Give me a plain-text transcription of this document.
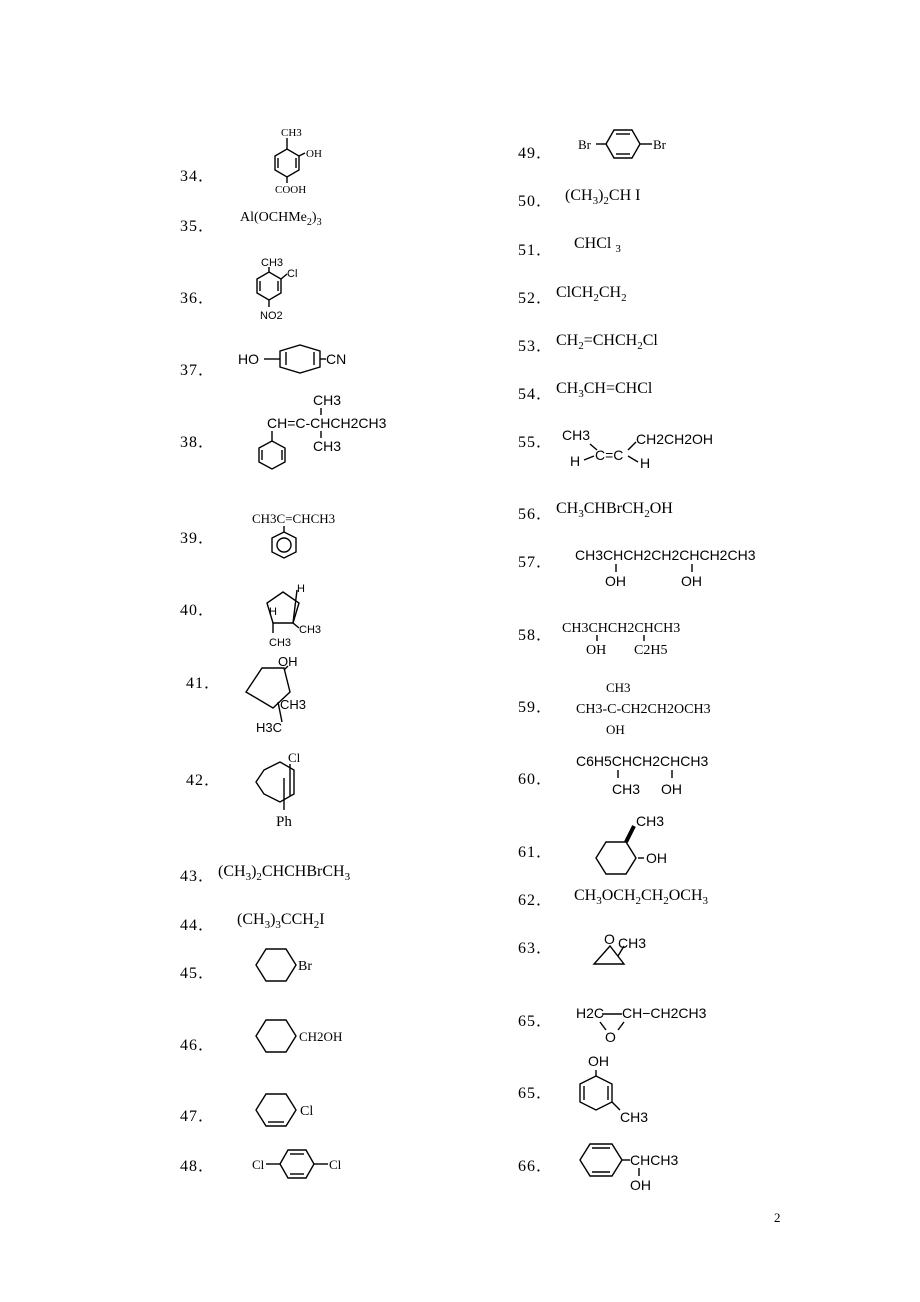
34．
CH3
OH
COOH
35．
$Al(OCHMe_2)_3$
36．
CH3
Cl
NO2
37．
HO	CN
38．
CH3
CH=C-CHCH2CH3
CH3
39．
CH3C=CHCH3
40．
H
H
CH3
CH3
41．
OH
CH3
H3C
42．
Cl
Ph
43． $(CH_3)_2CHCHBrCH_3$
44． $(CH_3)_3CCH_2I$
45．	Br
46．
CH2OH
47．	Cl
48．	Cl	Cl
49．
Br	Br
50． $(CH_3)_2CH$ I
51． CHCl $_3$
52． $ClCH_2CH_2$
53． $CH_2=CHCH_2Cl$
54． $CH_3CH=CHCl$
55． CH3	CH2CH2OH
H C=C H
56． $CH_3CHBrCH_2OH$
57． CH3CHCH2CH2CHCH2CH3
OH	OH
58． CH3CHCH2CHCH3
OH C2H5
59．
CH3
CH3-C-CH2CH2OCH3
OH
60．
C6H5CHCH2CHCH3
CH3 OH
61．
CH3
OH
62． $CH_3OCH_2CH_2OCH_3$
63．
O CH3
65． H2C CH−CH2CH3
O
65．
OH
CH3
66．	CHCH3
OH
2
